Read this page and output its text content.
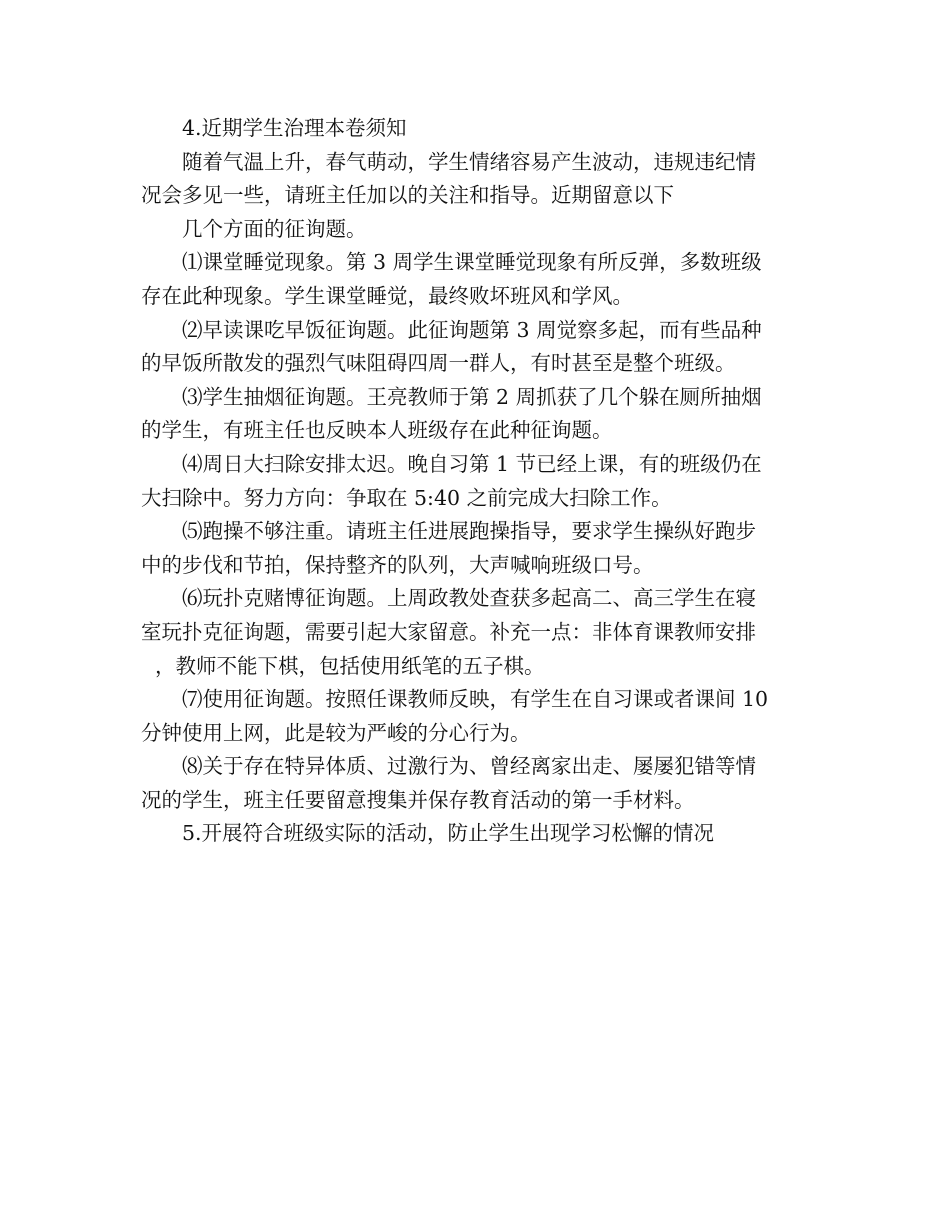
4.近期学生治理本卷须知
随着气温上升，春气萌动，学生情绪容易产生波动，违规违纪情
况会多见一些，请班主任加以的关注和指导。近期留意以下
几个方面的征询题。
⑴课堂睡觉现象。第 3 周学生课堂睡觉现象有所反弹，多数班级
存在此种现象。学生课堂睡觉，最终败坏班风和学风。
⑵早读课吃早饭征询题。此征询题第 3 周觉察多起，而有些品种
的早饭所散发的强烈气味阻碍四周一群人，有时甚至是整个班级。
⑶学生抽烟征询题。王亮教师于第 2 周抓获了几个躲在厕所抽烟
的学生，有班主任也反映本人班级存在此种征询题。
⑷周日大扫除安排太迟。晚自习第 1 节已经上课，有的班级仍在
大扫除中。努力方向：争取在 5:40 之前完成大扫除工作。
⑸跑操不够注重。请班主任进展跑操指导，要求学生操纵好跑步
中的步伐和节拍，保持整齐的队列，大声喊响班级口号。
⑹玩扑克赌博征询题。上周政教处查获多起高二、高三学生在寝
室玩扑克征询题，需要引起大家留意。补充一点：非体育课教师安排
，教师不能下棋，包括使用纸笔的五子棋。
⑺使用征询题。按照任课教师反映，有学生在自习课或者课间 10
分钟使用上网，此是较为严峻的分心行为。
⑻关于存在特异体质、过激行为、曾经离家出走、屡屡犯错等情
况的学生，班主任要留意搜集并保存教育活动的第一手材料。
5.开展符合班级实际的活动，防止学生出现学习松懈的情况
